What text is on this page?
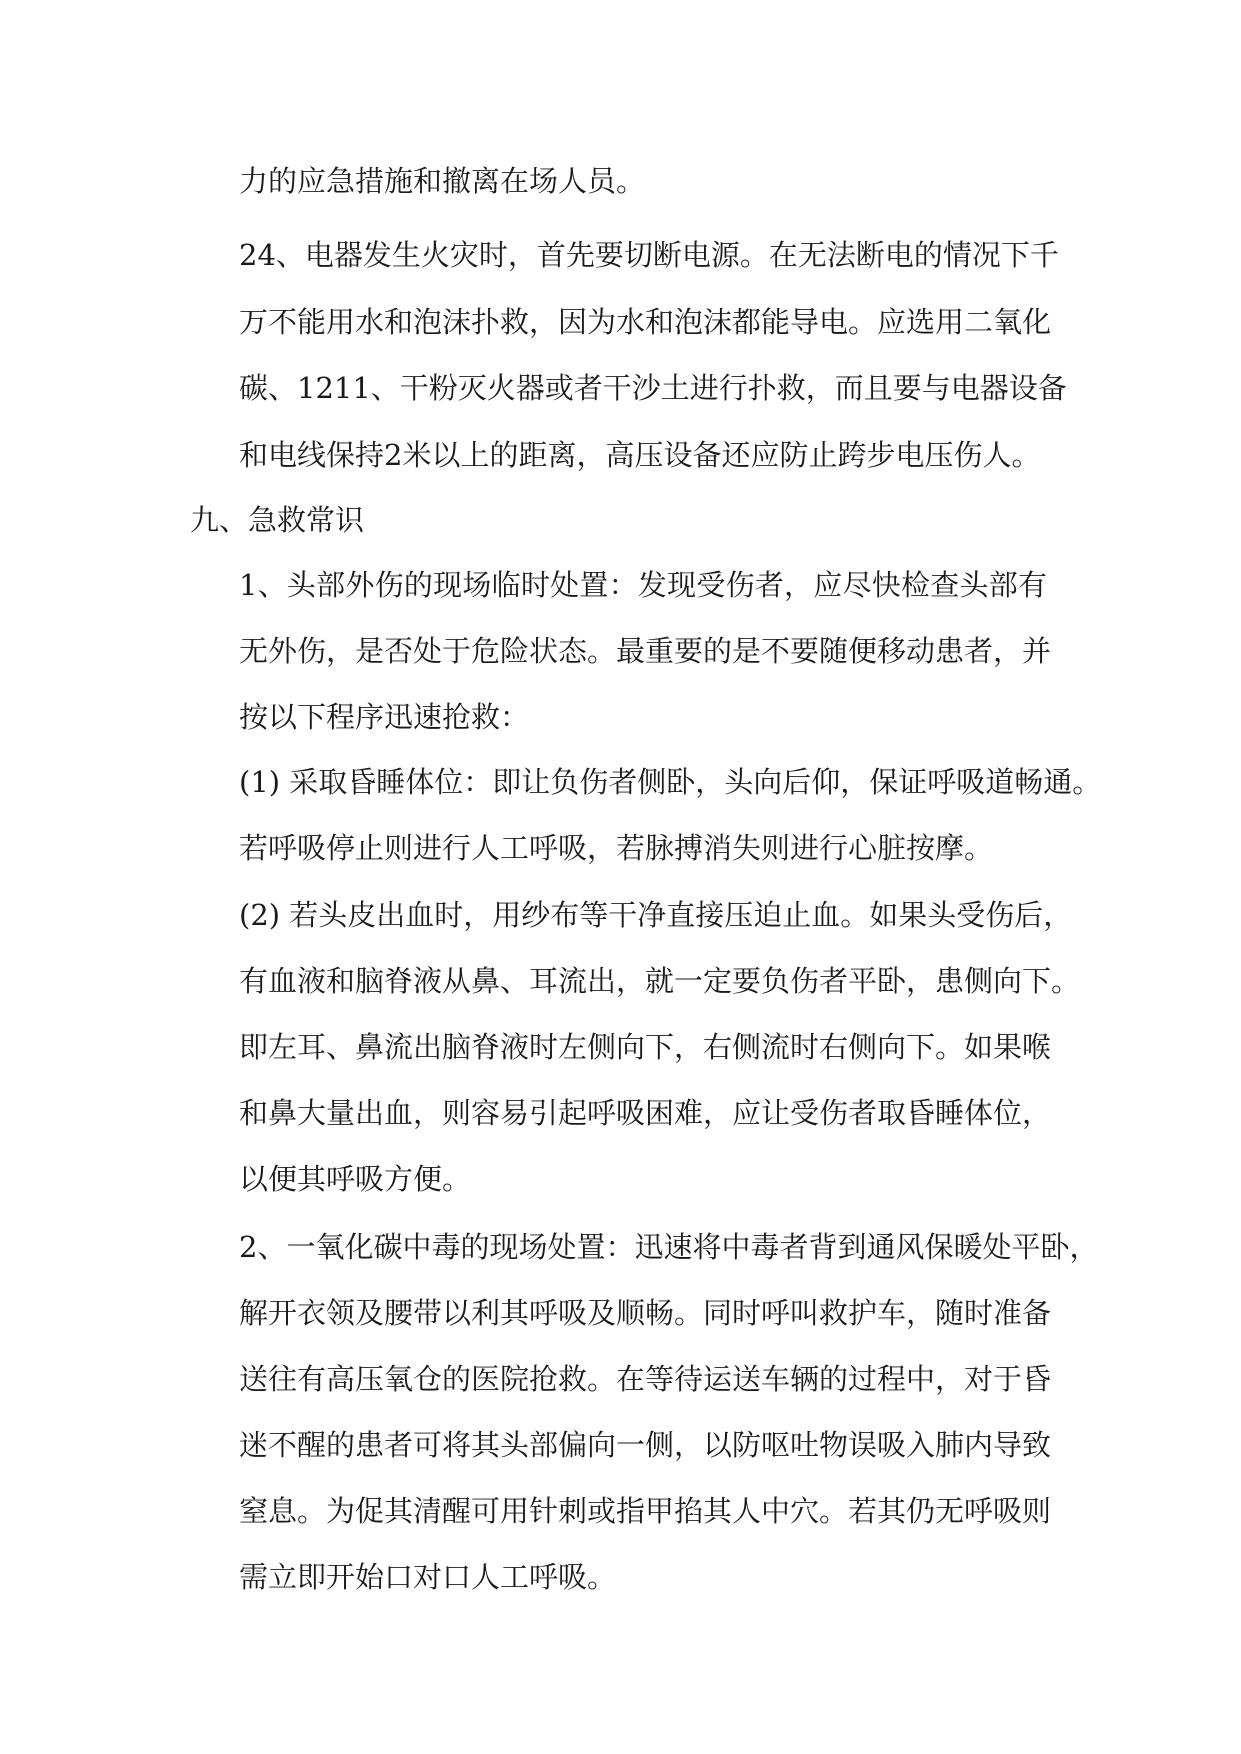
力的应急措施和撤离在场人员。

24、电器发生火灾时，首先要切断电源。在无法断电的情况下千

万不能用水和泡沫扑救，因为水和泡沫都能导电。应选用二氧化

碳、1211、干粉灭火器或者干沙土进行扑救，而且要与电器设备

和电线保持2米以上的距离，高压设备还应防止跨步电压伤人。

九、急救常识

1、头部外伤的现场临时处置：发现受伤者，应尽快检查头部有

无外伤，是否处于危险状态。最重要的是不要随便移动患者，并

按以下程序迅速抢救：

(1) 采取昏睡体位：即让负伤者侧卧，头向后仰，保证呼吸道畅通。

若呼吸停止则进行人工呼吸，若脉搏消失则进行心脏按摩。

(2) 若头皮出血时，用纱布等干净直接压迫止血。如果头受伤后，

有血液和脑脊液从鼻、耳流出，就一定要负伤者平卧，患侧向下。

即左耳、鼻流出脑脊液时左侧向下，右侧流时右侧向下。如果喉

和鼻大量出血，则容易引起呼吸困难，应让受伤者取昏睡体位，

以便其呼吸方便。

2、一氧化碳中毒的现场处置：迅速将中毒者背到通风保暖处平卧，

解开衣领及腰带以利其呼吸及顺畅。同时呼叫救护车，随时准备

送往有高压氧仓的医院抢救。在等待运送车辆的过程中，对于昏

迷不醒的患者可将其头部偏向一侧，以防呕吐物误吸入肺内导致

窒息。为促其清醒可用针刺或指甲掐其人中穴。若其仍无呼吸则

需立即开始口对口人工呼吸。
